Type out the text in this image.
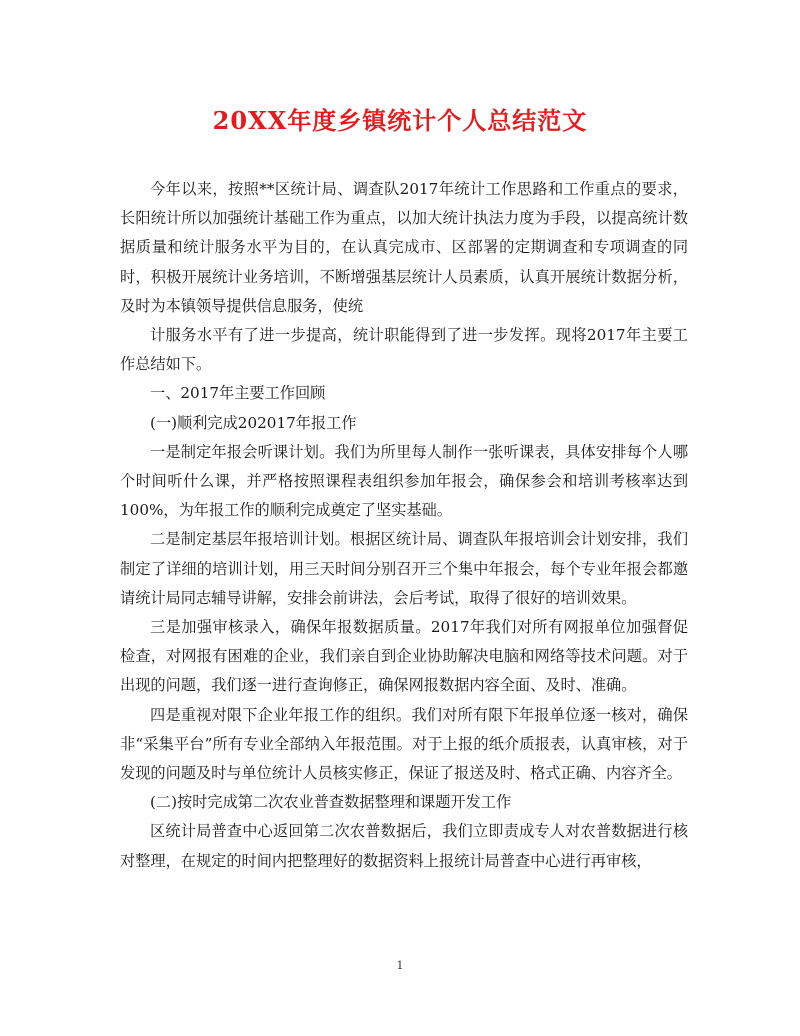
20XX年度乡镇统计个人总结范文

今年以来，按照**区统计局、调查队2017年统计工作思路和工作重点的要求，长阳统计所以加强统计基础工作为重点，以加大统计执法力度为手段，以提高统计数据质量和统计服务水平为目的，在认真完成市、区部署的定期调查和专项调查的同时，积极开展统计业务培训，不断增强基层统计人员素质，认真开展统计数据分析，及时为本镇领导提供信息服务，使统

计服务水平有了进一步提高，统计职能得到了进一步发挥。现将2017年主要工作总结如下。

一、2017年主要工作回顾

(一)顺利完成202017年报工作

一是制定年报会听课计划。我们为所里每人制作一张听课表，具体安排每个人哪个时间听什么课，并严格按照课程表组织参加年报会，确保参会和培训考核率达到100%，为年报工作的顺利完成奠定了坚实基础。

二是制定基层年报培训计划。根据区统计局、调查队年报培训会计划安排，我们制定了详细的培训计划，用三天时间分别召开三个集中年报会，每个专业年报会都邀请统计局同志辅导讲解，安排会前讲法，会后考试，取得了很好的培训效果。

三是加强审核录入，确保年报数据质量。2017年我们对所有网报单位加强督促检查，对网报有困难的企业，我们亲自到企业协助解决电脑和网络等技术问题。对于出现的问题，我们逐一进行查询修正，确保网报数据内容全面、及时、准确。

四是重视对限下企业年报工作的组织。我们对所有限下年报单位逐一核对，确保非“采集平台”所有专业全部纳入年报范围。对于上报的纸介质报表，认真审核，对于发现的问题及时与单位统计人员核实修正，保证了报送及时、格式正确、内容齐全。

(二)按时完成第二次农业普查数据整理和课题开发工作

区统计局普查中心返回第二次农普数据后，我们立即责成专人对农普数据进行核对整理，在规定的时间内把整理好的数据资料上报统计局普查中心进行再审核，

1
